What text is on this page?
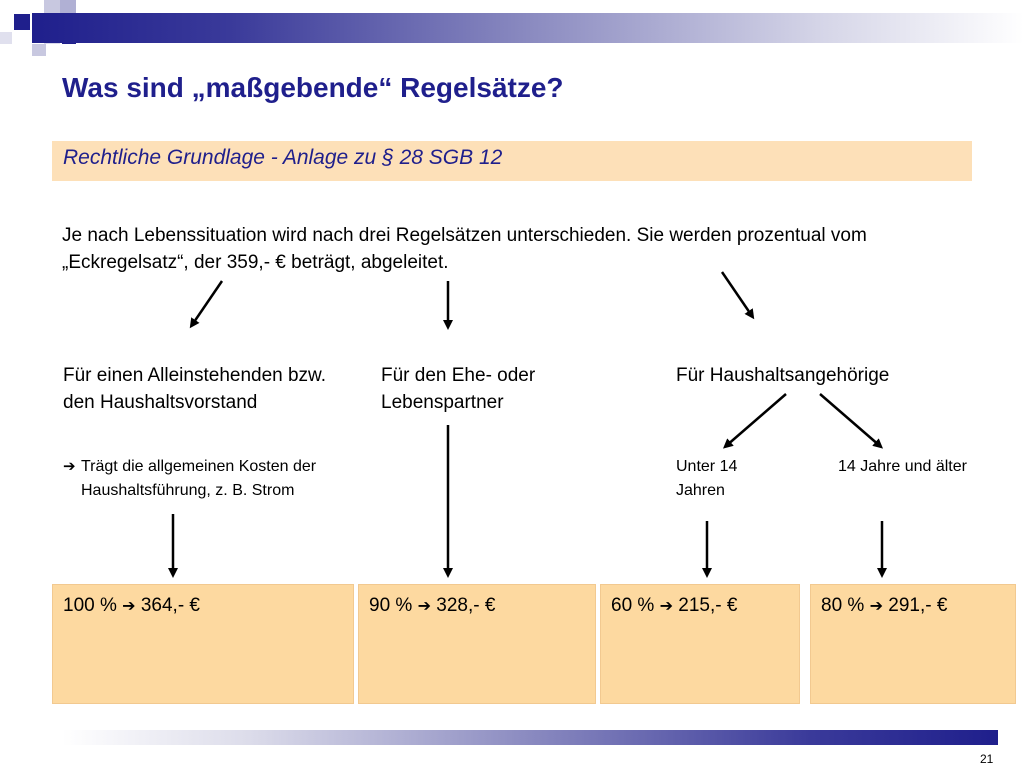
Was sind „maßgebende“ Regelsätze?
Rechtliche Grundlage - Anlage zu § 28 SGB 12
Je nach Lebenssituation wird nach drei Regelsätzen unterschieden. Sie werden prozentual vom „Eckregelsatz“, der 359,- € beträgt, abgeleitet.
Für einen Alleinstehenden bzw. den Haushaltsvorstand
➔ Trägt die allgemeinen Kosten der Haushaltsführung, z. B. Strom
Für den Ehe- oder Lebenspartner
Für Haushaltsangehörige
Unter 14 Jahren
14 Jahre und älter
100 % ➔ 364,- €	90 % ➔ 328,- €	60 % ➔ 215,- €	80 % ➔ 291,- €
21
